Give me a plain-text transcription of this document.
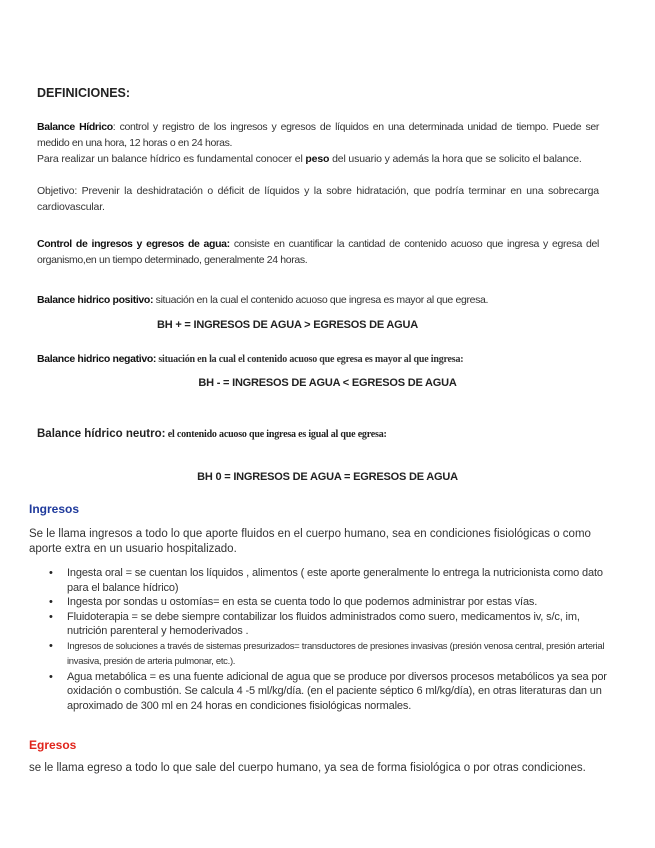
DEFINICIONES:
Balance Hídrico: control y registro de los ingresos y egresos de líquidos en una determinada unidad de tiempo. Puede ser medido en una hora, 12 horas o en 24 horas.
Para realizar un balance hídrico es fundamental conocer el peso del usuario y además la hora que se solicito el balance.
Objetivo: Prevenir la deshidratación o déficit de líquidos y la sobre hidratación, que podría terminar en una sobrecarga cardiovascular.
Control de ingresos y egresos de agua: consiste en cuantificar la cantidad de contenido acuoso que ingresa y egresa del organismo,en un tiempo determinado, generalmente 24 horas.
Balance hidrico positivo: situación en la cual el contenido acuoso que ingresa es mayor al que egresa.
BH + = INGRESOS DE AGUA > EGRESOS DE AGUA
Balance hidrico negativo: situación en la cual el contenido acuoso que egresa es mayor al que ingresa:
BH - = INGRESOS DE AGUA < EGRESOS DE AGUA
Balance hídrico neutro: el contenido acuoso que ingresa es igual al que egresa:
BH 0 = INGRESOS DE AGUA = EGRESOS DE AGUA
Ingresos
Se le llama ingresos a todo lo que aporte fluidos en el cuerpo humano, sea en condiciones fisiológicas o como aporte extra en un usuario hospitalizado.
• Ingesta oral = se cuentan los líquidos , alimentos ( este aporte generalmente lo entrega la nutricionista como dato para el balance hídrico)
• Ingesta por sondas u ostomías= en esta se cuenta todo lo que podemos administrar por estas vías.
• Fluidoterapia = se debe siempre contabilizar los fluidos administrados como suero, medicamentos iv, s/c, im, nutrición parenteral y hemoderivados .
• Ingresos de soluciones a través de sistemas presurizados= transductores de presiones invasivas (presión venosa central, presión arterial invasiva, presión de arteria pulmonar, etc.).
• Agua metabólica = es una fuente adicional de agua que se produce por diversos procesos metabólicos ya sea por oxidación o combustión. Se calcula 4 -5 ml/kg/día. (en el paciente séptico 6 ml/kg/día), en otras literaturas dan un aproximado de 300 ml en 24 horas en condiciones fisiológicas normales.
Egresos
se le llama egreso a todo lo que sale del cuerpo humano, ya sea de forma fisiológica o por otras condiciones.
